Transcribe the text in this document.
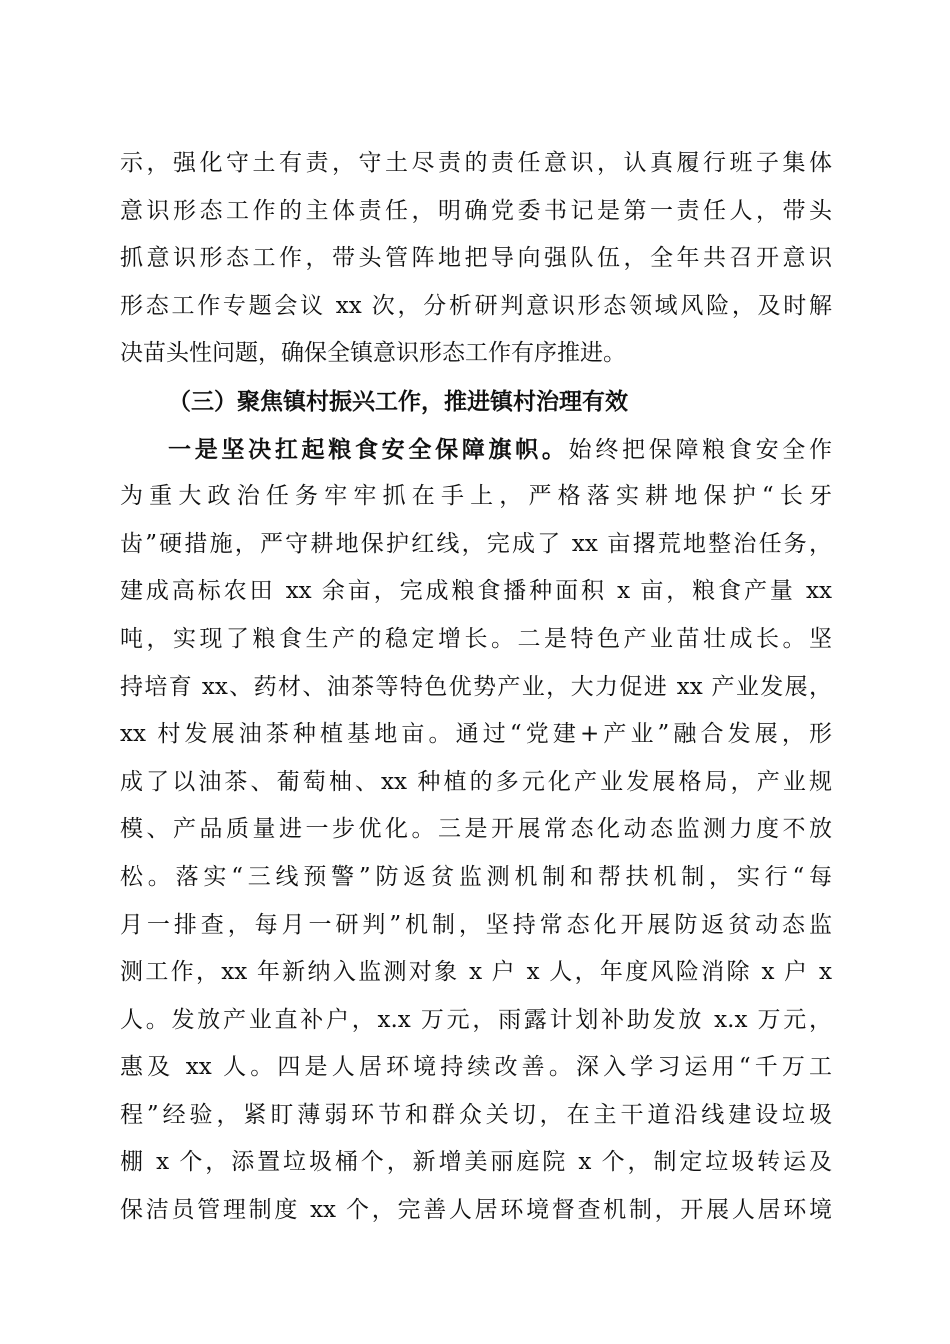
示，强化守土有责，守土尽责的责任意识，认真履行班子集体
意识形态工作的主体责任，明确党委书记是第一责任人，带头
抓意识形态工作，带头管阵地把导向强队伍，全年共召开意识
形态工作专题会议 xx 次，分析研判意识形态领域风险，及时解
决苗头性问题，确保全镇意识形态工作有序推进。
（三）聚焦镇村振兴工作，推进镇村治理有效
一是坚决扛起粮食安全保障旗帜。始终把保障粮食安全作
为重大政治任务牢牢抓在手上，严格落实耕地保护“长牙
齿”硬措施，严守耕地保护红线，完成了 xx 亩撂荒地整治任务，
建成高标农田 xx 余亩，完成粮食播种面积 x 亩，粮食产量 xx
吨，实现了粮食生产的稳定增长。二是特色产业苗壮成长。坚
持培育 xx、药材、油茶等特色优势产业，大力促进 xx 产业发展，
xx 村发展油茶种植基地亩。通过“党建+产业”融合发展，形
成了以油茶、葡萄柚、xx 种植的多元化产业发展格局，产业规
模、产品质量进一步优化。三是开展常态化动态监测力度不放
松。落实“三线预警”防返贫监测机制和帮扶机制，实行“每
月一排查，每月一研判”机制，坚持常态化开展防返贫动态监
测工作，xx 年新纳入监测对象 x 户 x 人，年度风险消除 x 户 x
人。发放产业直补户，x.x 万元，雨露计划补助发放 x.x 万元，
惠及 xx 人。四是人居环境持续改善。深入学习运用“千万工
程”经验，紧盯薄弱环节和群众关切，在主干道沿线建设垃圾
棚 x 个，添置垃圾桶个，新增美丽庭院 x 个，制定垃圾转运及
保洁员管理制度 xx 个，完善人居环境督查机制，开展人居环境
